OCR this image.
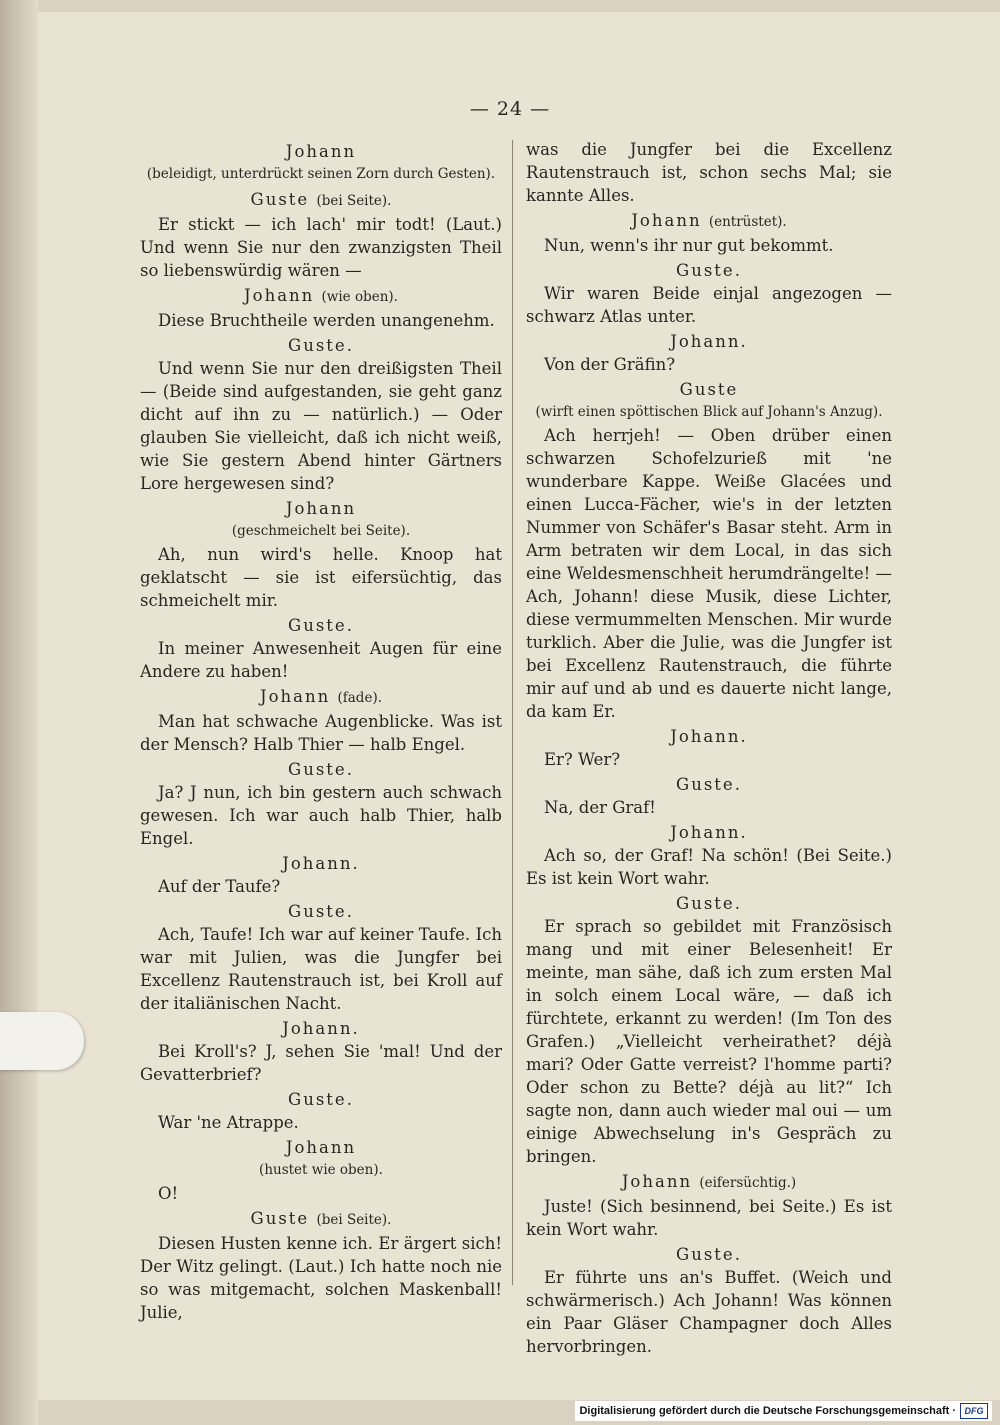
— 24 —
Johann
(beleidigt, unterdrückt seinen Zorn durch Gesten).
Guste (bei Seite).
Er stickt — ich lach' mir todt! (Laut.) Und wenn Sie nur den zwanzigsten Theil so liebenswürdig wären —
Johann (wie oben).
Diese Bruchtheile werden unangenehm.
Guste.
Und wenn Sie nur den dreißigsten Theil — (Beide sind aufgestanden, sie geht ganz dicht auf ihn zu — natürlich.) — Oder glauben Sie vielleicht, daß ich nicht weiß, wie Sie gestern Abend hinter Gärtners Lore hergewesen sind?
Johann
(geschmeichelt bei Seite).
Ah, nun wird's helle. Knoop hat geklatscht — sie ist eifersüchtig, das schmeichelt mir.
Guste.
In meiner Anwesenheit Augen für eine Andere zu haben!
Johann (fade).
Man hat schwache Augenblicke. Was ist der Mensch? Halb Thier — halb Engel.
Guste.
Ja? J nun, ich bin gestern auch schwach gewesen. Ich war auch halb Thier, halb Engel.
Johann.
Auf der Taufe?
Guste.
Ach, Taufe! Ich war auf keiner Taufe. Ich war mit Julien, was die Jungfer bei Excellenz Rautenstrauch ist, bei Kroll auf der italiänischen Nacht.
Johann.
Bei Kroll's? J, sehen Sie 'mal! Und der Gevatterbrief?
Guste.
War 'ne Atrappe.
Johann
(hustet wie oben).
O!
Guste (bei Seite).
Diesen Husten kenne ich. Er ärgert sich! Der Witz gelingt. (Laut.) Ich hatte noch nie so was mitgemacht, solchen Maskenball! Julie,
was die Jungfer bei die Excellenz Rautenstrauch ist, schon sechs Mal; sie kannte Alles.
Johann (entrüstet).
Nun, wenn's ihr nur gut bekommt.
Guste.
Wir waren Beide einjal angezogen — schwarz Atlas unter.
Johann.
Von der Gräfin?
Guste
(wirft einen spöttischen Blick auf Johann's Anzug).
Ach herrjeh! — Oben drüber einen schwarzen Schofelzurieß mit 'ne wunderbare Kappe. Weiße Glacées und einen Lucca-Fächer, wie's in der letzten Nummer von Schäfer's Basar steht. Arm in Arm betraten wir dem Local, in das sich eine Weldesmenschheit herumdrängelte! — Ach, Johann! diese Musik, diese Lichter, diese vermummelten Menschen. Mir wurde turklich. Aber die Julie, was die Jungfer ist bei Excellenz Rautenstrauch, die führte mir auf und ab und es dauerte nicht lange, da kam Er.
Johann.
Er? Wer?
Guste.
Na, der Graf!
Johann.
Ach so, der Graf! Na schön! (Bei Seite.) Es ist kein Wort wahr.
Guste.
Er sprach so gebildet mit Französisch mang und mit einer Belesenheit! Er meinte, man sähe, daß ich zum ersten Mal in solch einem Local wäre, — daß ich fürchtete, erkannt zu werden! (Im Ton des Grafen.) „Vielleicht verheirathet? déjà mari? Oder Gatte verreist? l'homme parti? Oder schon zu Bette? déjà au lit?“ Ich sagte non, dann auch wieder mal oui — um einige Abwechselung in's Gespräch zu bringen.
Johann (eifersüchtig.)
Juste! (Sich besinnend, bei Seite.) Es ist kein Wort wahr.
Guste.
Er führte uns an's Buffet. (Weich und schwärmerisch.) Ach Johann! Was können ein Paar Gläser Champagner doch Alles hervorbringen.
Digitalisierung gefördert durch die Deutsche Forschungsgemeinschaft · DFG
